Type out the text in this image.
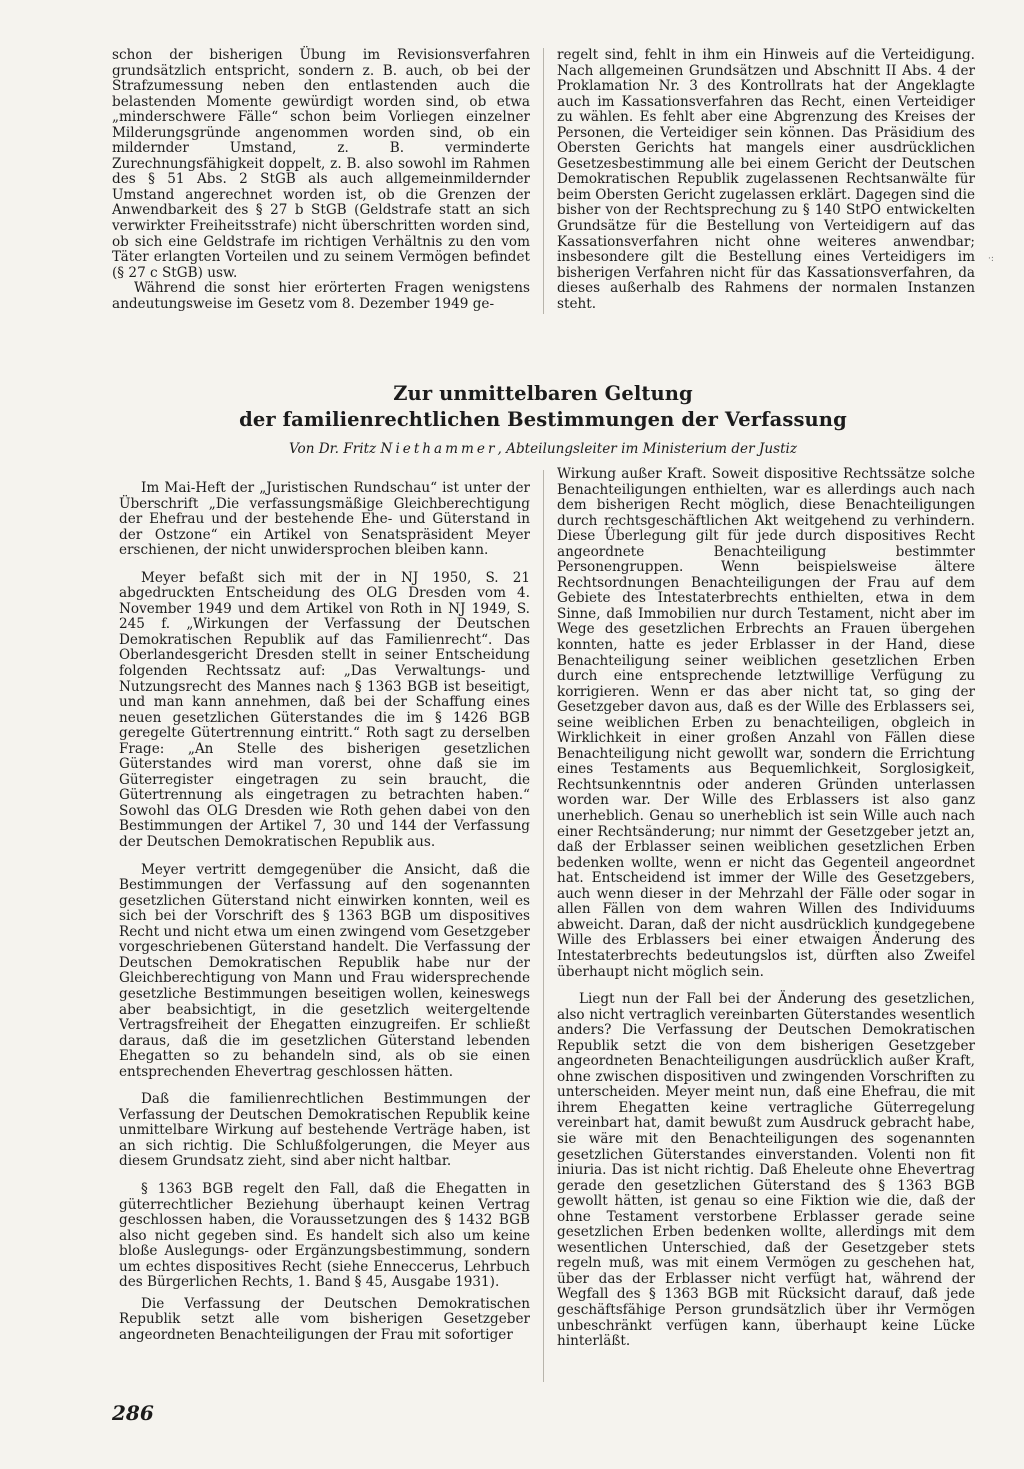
schon der bisherigen Übung im Revisionsverfahren grundsätzlich entspricht, sondern z. B. auch, ob bei der Strafzumessung neben den entlastenden auch die belastenden Momente gewürdigt worden sind, ob etwa „minderschwere Fälle“ schon beim Vorliegen einzelner Milderungsgründe angenommen worden sind, ob ein mildernder Umstand, z. B. verminderte Zurechnungsfähigkeit doppelt, z. B. also sowohl im Rahmen des § 51 Abs. 2 StGB als auch allgemeinmildernder Umstand angerechnet worden ist, ob die Grenzen der Anwendbarkeit des § 27 b StGB (Geldstrafe statt an sich verwirkter Freiheitsstrafe) nicht überschritten worden sind, ob sich eine Geldstrafe im richtigen Verhältnis zu den vom Täter erlangten Vorteilen und zu seinem Vermögen befindet (§ 27 c StGB) usw.

Während die sonst hier erörterten Fragen wenigstens andeutungsweise im Gesetz vom 8. Dezember 1949 ge-

regelt sind, fehlt in ihm ein Hinweis auf die Verteidigung. Nach allgemeinen Grundsätzen und Abschnitt II Abs. 4 der Proklamation Nr. 3 des Kontrollrats hat der Angeklagte auch im Kassationsverfahren das Recht, einen Verteidiger zu wählen. Es fehlt aber eine Abgrenzung des Kreises der Personen, die Verteidiger sein können. Das Präsidium des Obersten Gerichts hat mangels einer ausdrücklichen Gesetzesbestimmung alle bei einem Gericht der Deutschen Demokratischen Republik zugelassenen Rechtsanwälte für beim Obersten Gericht zugelassen erklärt. Dagegen sind die bisher von der Rechtsprechung zu § 140 StPO entwickelten Grundsätze für die Bestellung von Verteidigern auf das Kassationsverfahren nicht ohne weiteres anwendbar; insbesondere gilt die Bestellung eines Verteidigers im bisherigen Verfahren nicht für das Kassationsverfahren, da dieses außerhalb des Rahmens der normalen Instanzen steht.

Zur unmittelbaren Geltung
der familienrechtlichen Bestimmungen der Verfassung
Von Dr. Fritz Niethammer, Abteilungsleiter im Ministerium der Justiz

Im Mai-Heft der „Juristischen Rundschau“ ist unter der Überschrift „Die verfassungsmäßige Gleichberechtigung der Ehefrau und der bestehende Ehe- und Güterstand in der Ostzone“ ein Artikel von Senatspräsident Meyer erschienen, der nicht unwidersprochen bleiben kann.

Meyer befaßt sich mit der in NJ 1950, S. 21 abgedruckten Entscheidung des OLG Dresden vom 4. November 1949 und dem Artikel von Roth in NJ 1949, S. 245 f. „Wirkungen der Verfassung der Deutschen Demokratischen Republik auf das Familienrecht“. Das Oberlandesgericht Dresden stellt in seiner Entscheidung folgenden Rechtssatz auf: „Das Verwaltungs- und Nutzungsrecht des Mannes nach § 1363 BGB ist beseitigt, und man kann annehmen, daß bei der Schaffung eines neuen gesetzlichen Güterstandes die im § 1426 BGB geregelte Gütertrennung eintritt.“ Roth sagt zu derselben Frage: „An Stelle des bisherigen gesetzlichen Güterstandes wird man vorerst, ohne daß sie im Güterregister eingetragen zu sein braucht, die Gütertrennung als eingetragen zu betrachten haben.“ Sowohl das OLG Dresden wie Roth gehen dabei von den Bestimmungen der Artikel 7, 30 und 144 der Verfassung der Deutschen Demokratischen Republik aus.

Meyer vertritt demgegenüber die Ansicht, daß die Bestimmungen der Verfassung auf den sogenannten gesetzlichen Güterstand nicht einwirken konnten, weil es sich bei der Vorschrift des § 1363 BGB um dispositives Recht und nicht etwa um einen zwingend vom Gesetzgeber vorgeschriebenen Güterstand handelt. Die Verfassung der Deutschen Demokratischen Republik habe nur der Gleichberechtigung von Mann und Frau widersprechende gesetzliche Bestimmungen beseitigen wollen, keineswegs aber beabsichtigt, in die gesetzlich weitergeltende Vertragsfreiheit der Ehegatten einzugreifen. Er schließt daraus, daß die im gesetzlichen Güterstand lebenden Ehegatten so zu behandeln sind, als ob sie einen entsprechenden Ehevertrag geschlossen hätten.

Daß die familienrechtlichen Bestimmungen der Verfassung der Deutschen Demokratischen Republik keine unmittelbare Wirkung auf bestehende Verträge haben, ist an sich richtig. Die Schlußfolgerungen, die Meyer aus diesem Grundsatz zieht, sind aber nicht haltbar.

§ 1363 BGB regelt den Fall, daß die Ehegatten in güterrechtlicher Beziehung überhaupt keinen Vertrag geschlossen haben, die Voraussetzungen des § 1432 BGB also nicht gegeben sind. Es handelt sich also um keine bloße Auslegungs- oder Ergänzungsbestimmung, sondern um echtes dispositives Recht (siehe Enneccerus, Lehrbuch des Bürgerlichen Rechts, 1. Band § 45, Ausgabe 1931).

Die Verfassung der Deutschen Demokratischen Republik setzt alle vom bisherigen Gesetzgeber angeordneten Benachteiligungen der Frau mit sofortiger

Wirkung außer Kraft. Soweit dispositive Rechtssätze solche Benachteiligungen enthielten, war es allerdings auch nach dem bisherigen Recht möglich, diese Benachteiligungen durch rechtsgeschäftlichen Akt weitgehend zu verhindern. Diese Überlegung gilt für jede durch dispositives Recht angeordnete Benachteiligung bestimmter Personengruppen. Wenn beispielsweise ältere Rechtsordnungen Benachteiligungen der Frau auf dem Gebiete des Intestaterbrechts enthielten, etwa in dem Sinne, daß Immobilien nur durch Testament, nicht aber im Wege des gesetzlichen Erbrechts an Frauen übergehen konnten, hatte es jeder Erblasser in der Hand, diese Benachteiligung seiner weiblichen gesetzlichen Erben durch eine entsprechende letztwillige Verfügung zu korrigieren. Wenn er das aber nicht tat, so ging der Gesetzgeber davon aus, daß es der Wille des Erblassers sei, seine weiblichen Erben zu benachteiligen, obgleich in Wirklichkeit in einer großen Anzahl von Fällen diese Benachteiligung nicht gewollt war, sondern die Errichtung eines Testaments aus Bequemlichkeit, Sorglosigkeit, Rechtsunkenntnis oder anderen Gründen unterlassen worden war. Der Wille des Erblassers ist also ganz unerheblich. Genau so unerheblich ist sein Wille auch nach einer Rechtsänderung; nur nimmt der Gesetzgeber jetzt an, daß der Erblasser seinen weiblichen gesetzlichen Erben bedenken wollte, wenn er nicht das Gegenteil angeordnet hat. Entscheidend ist immer der Wille des Gesetzgebers, auch wenn dieser in der Mehrzahl der Fälle oder sogar in allen Fällen von dem wahren Willen des Individuums abweicht. Daran, daß der nicht ausdrücklich kundgegebene Wille des Erblassers bei einer etwaigen Änderung des Intestaterbrechts bedeutungslos ist, dürften also Zweifel überhaupt nicht möglich sein.

Liegt nun der Fall bei der Änderung des gesetzlichen, also nicht vertraglich vereinbarten Güterstandes wesentlich anders? Die Verfassung der Deutschen Demokratischen Republik setzt die von dem bisherigen Gesetzgeber angeordneten Benachteiligungen ausdrücklich außer Kraft, ohne zwischen dispositiven und zwingenden Vorschriften zu unterscheiden. Meyer meint nun, daß eine Ehefrau, die mit ihrem Ehegatten keine vertragliche Güterregelung vereinbart hat, damit bewußt zum Ausdruck gebracht habe, sie wäre mit den Benachteiligungen des sogenannten gesetzlichen Güterstandes einverstanden. Volenti non fit iniuria. Das ist nicht richtig. Daß Eheleute ohne Ehevertrag gerade den gesetzlichen Güterstand des § 1363 BGB gewollt hätten, ist genau so eine Fiktion wie die, daß der ohne Testament verstorbene Erblasser gerade seine gesetzlichen Erben bedenken wollte, allerdings mit dem wesentlichen Unterschied, daß der Gesetzgeber stets regeln muß, was mit einem Vermögen zu geschehen hat, über das der Erblasser nicht verfügt hat, während der Wegfall des § 1363 BGB mit Rücksicht darauf, daß jede geschäftsfähige Person grundsätzlich über ihr Vermögen unbeschränkt verfügen kann, überhaupt keine Lücke hinterläßt.

286
·:
